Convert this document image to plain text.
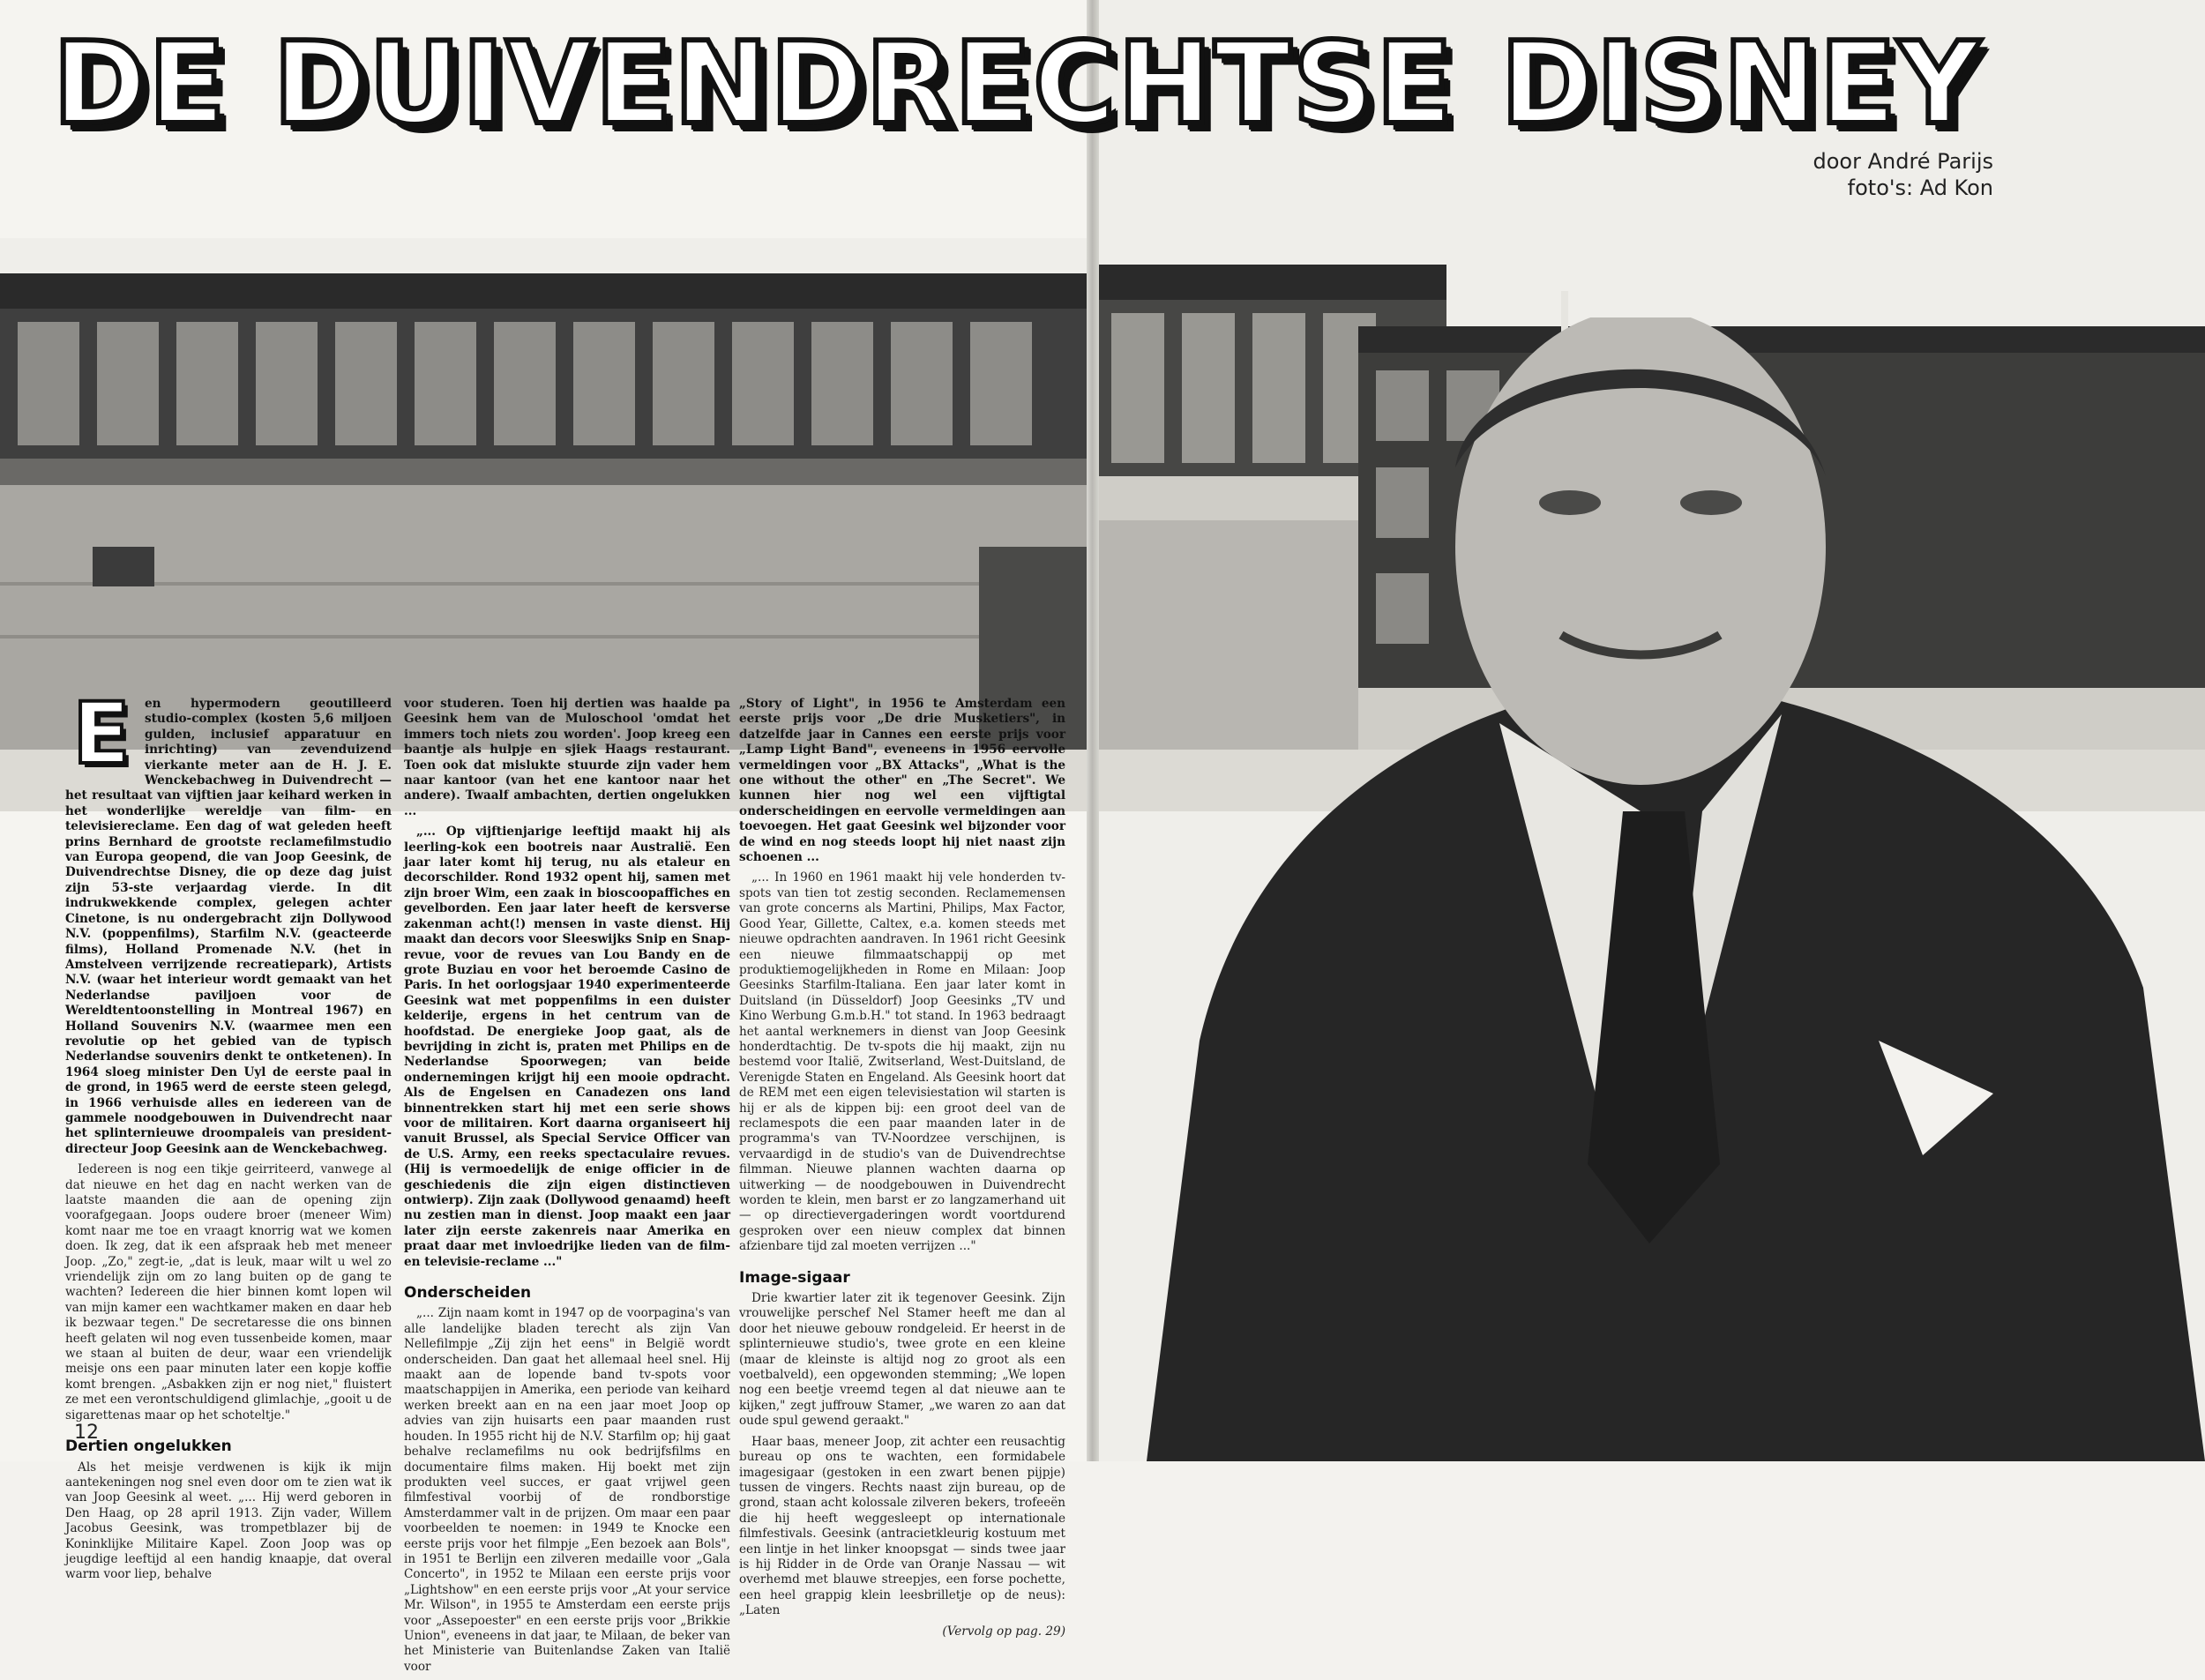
DE DUIVENDRECHTSE DISNEY
door André Parijs
foto's: Ad Kon
E	en hypermodern geoutilleerd studio-complex (kosten 5,6 miljoen gulden, inclusief apparatuur en inrichting) van zevenduizend vierkante meter aan de H. J. E. Wenckebachweg in Duivendrecht — het resultaat van vijftien jaar keihard werken in het wonderlijke wereldje van film- en televisiereclame. Een dag of wat geleden heeft prins Bernhard de grootste reclamefilmstudio van Europa geopend, die van Joop Geesink, de Duivendrechtse Disney, die op deze dag juist zijn 53-ste verjaardag vierde. In dit indrukwekkende complex, gelegen achter Cinetone, is nu ondergebracht zijn Dollywood N.V. (poppenfilms), Starfilm N.V. (geacteerde films), Holland Promenade N.V. (het in Amstelveen verrijzende recreatiepark), Artists N.V. (waar het interieur wordt gemaakt van het Nederlandse paviljoen voor de Wereldtentoonstelling in Montreal 1967) en Holland Souvenirs N.V. (waarmee men een revolutie op het gebied van de typisch Nederlandse souvenirs denkt te ontketenen). In 1964 sloeg minister Den Uyl de eerste paal in de grond, in 1965 werd de eerste steen gelegd, in 1966 verhuisde alles en iedereen van de gammele noodgebouwen in Duivendrecht naar het splinternieuwe droompaleis van president-directeur Joop Geesink aan de Wenckebachweg.

Iedereen is nog een tikje geirriteerd, vanwege al dat nieuwe en het dag en nacht werken van de laatste maanden die aan de opening zijn voorafgegaan. Joops oudere broer (meneer Wim) komt naar me toe en vraagt knorrig wat we komen doen. Ik zeg, dat ik een afspraak heb met meneer Joop. „Zo," zegt-ie, „dat is leuk, maar wilt u wel zo vriendelijk zijn om zo lang buiten op de gang te wachten? Iedereen die hier binnen komt lopen wil van mijn kamer een wachtkamer maken en daar heb ik bezwaar tegen." De secretaresse die ons binnen heeft gelaten wil nog even tussenbeide komen, maar we staan al buiten de deur, waar een vriendelijk meisje ons een paar minuten later een kopje koffie komt brengen. „Asbakken zijn er nog niet," fluistert ze met een verontschuldigend glimlachje, „gooit u de sigarettenas maar op het schoteltje."

Dertien ongelukken

Als het meisje verdwenen is kijk ik mijn aantekeningen nog snel even door om te zien wat ik van Joop Geesink al weet. „... Hij werd geboren in Den Haag, op 28 april 1913. Zijn vader, Willem Jacobus Geesink, was trompetblazer bij de Koninklijke Militaire Kapel. Zoon Joop was op jeugdige leeftijd al een handig knaapje, dat overal warm voor liep, behalve

voor studeren. Toen hij dertien was haalde pa Geesink hem van de Muloschool 'omdat het immers toch niets zou worden'. Joop kreeg een baantje als hulpje en sjiek Haags restaurant. Toen ook dat mislukte stuurde zijn vader hem naar kantoor (van het ene kantoor naar het andere). Twaalf ambachten, dertien ongelukken ...

„... Op vijftienjarige leeftijd maakt hij als leerling-kok een bootreis naar Australië. Een jaar later komt hij terug, nu als etaleur en decorschilder. Rond 1932 opent hij, samen met zijn broer Wim, een zaak in bioscoopaffiches en gevelborden. Een jaar later heeft de kersverse zakenman acht(!) mensen in vaste dienst. Hij maakt dan decors voor Sleeswijks Snip en Snap-revue, voor de revues van Lou Bandy en de grote Buziau en voor het beroemde Casino de Paris. In het oorlogsjaar 1940 experimenteerde Geesink wat met poppenfilms in een duister kelderije, ergens in het centrum van de hoofdstad. De energieke Joop gaat, als de bevrijding in zicht is, praten met Philips en de Nederlandse Spoorwegen; van beide ondernemingen krijgt hij een mooie opdracht. Als de Engelsen en Canadezen ons land binnentrekken start hij met een serie shows voor de militairen. Kort daarna organiseert hij vanuit Brussel, als Special Service Officer van de U.S. Army, een reeks spectaculaire revues. (Hij is vermoedelijk de enige officier in de geschiedenis die zijn eigen distinctieven ontwierp). Zijn zaak (Dollywood genaamd) heeft nu zestien man in dienst. Joop maakt een jaar later zijn eerste zakenreis naar Amerika en praat daar met invloedrijke lieden van de film- en televisie-reclame ..."

Onderscheiden

„... Zijn naam komt in 1947 op de voorpagina's van alle landelijke bladen terecht als zijn Van Nellefilmpje „Zij zijn het eens" in België wordt onderscheiden. Dan gaat het allemaal heel snel. Hij maakt aan de lopende band tv-spots voor maatschappijen in Amerika, een periode van keihard werken breekt aan en na een jaar moet Joop op advies van zijn huisarts een paar maanden rust houden. In 1955 richt hij de N.V. Starfilm op; hij gaat behalve reclamefilms nu ook bedrijfsfilms en documentaire films maken. Hij boekt met zijn produkten veel succes, er gaat vrijwel geen filmfestival voorbij of de rondborstige Amsterdammer valt in de prijzen. Om maar een paar voorbeelden te noemen: in 1949 te Knocke een eerste prijs voor het filmpje „Een bezoek aan Bols", in 1951 te Berlijn een zilveren medaille voor „Gala Concerto", in 1952 te Milaan een eerste prijs voor „Lightshow" en een eerste prijs voor „At your service Mr. Wilson", in 1955 te Amsterdam een eerste prijs voor „Assepoester" en een eerste prijs voor „Brikkie Union", eveneens in dat jaar, te Milaan, de beker van het Ministerie van Buitenlandse Zaken van Italië voor

„Story of Light", in 1956 te Amsterdam een eerste prijs voor „De drie Musketiers", in datzelfde jaar in Cannes een eerste prijs voor „Lamp Light Band", eveneens in 1956 eervolle vermeldingen voor „BX Attacks", „What is the one without the other" en „The Secret". We kunnen hier nog wel een vijftigtal onderscheidingen en eervolle vermeldingen aan toevoegen. Het gaat Geesink wel bijzonder voor de wind en nog steeds loopt hij niet naast zijn schoenen ...

„... In 1960 en 1961 maakt hij vele honderden tv-spots van tien tot zestig seconden. Reclamemensen van grote concerns als Martini, Philips, Max Factor, Good Year, Gillette, Caltex, e.a. komen steeds met nieuwe opdrachten aandraven. In 1961 richt Geesink een nieuwe filmmaatschappij op met produktiemogelijkheden in Rome en Milaan: Joop Geesinks Starfilm-Italiana. Een jaar later komt in Duitsland (in Düsseldorf) Joop Geesinks „TV und Kino Werbung G.m.b.H." tot stand. In 1963 bedraagt het aantal werknemers in dienst van Joop Geesink honderdtachtig. De tv-spots die hij maakt, zijn nu bestemd voor Italië, Zwitserland, West-Duitsland, de Verenigde Staten en Engeland. Als Geesink hoort dat de REM met een eigen televisiestation wil starten is hij er als de kippen bij: een groot deel van de reclamespots die een paar maanden later in de programma's van TV-Noordzee verschijnen, is vervaardigd in de studio's van de Duivendrechtse filmman. Nieuwe plannen wachten daarna op uitwerking — de noodgebouwen in Duivendrecht worden te klein, men barst er zo langzamerhand uit — op directievergaderingen wordt voortdurend gesproken over een nieuw complex dat binnen afzienbare tijd zal moeten verrijzen ..."

Image-sigaar

Drie kwartier later zit ik tegenover Geesink. Zijn vrouwelijke perschef Nel Stamer heeft me dan al door het nieuwe gebouw rondgeleid. Er heerst in de splinternieuwe studio's, twee grote en een kleine (maar de kleinste is altijd nog zo groot als een voetbalveld), een opgewonden stemming; „We lopen nog een beetje vreemd tegen al dat nieuwe aan te kijken," zegt juffrouw Stamer, „we waren zo aan dat oude spul gewend geraakt."

Haar baas, meneer Joop, zit achter een reusachtig bureau op ons te wachten, een formidabele imagesigaar (gestoken in een zwart benen pijpje) tussen de vingers. Rechts naast zijn bureau, op de grond, staan acht kolossale zilveren bekers, trofeeën die hij heeft weggesleept op internationale filmfestivals. Geesink (antracietkleurig kostuum met een lintje in het linker knoopsgat — sinds twee jaar is hij Ridder in de Orde van Oranje Nassau — wit overhemd met blauwe streepjes, een forse pochette, een heel grappig klein leesbrilletje op de neus): „Laten

(Vervolg op pag. 29)

12
